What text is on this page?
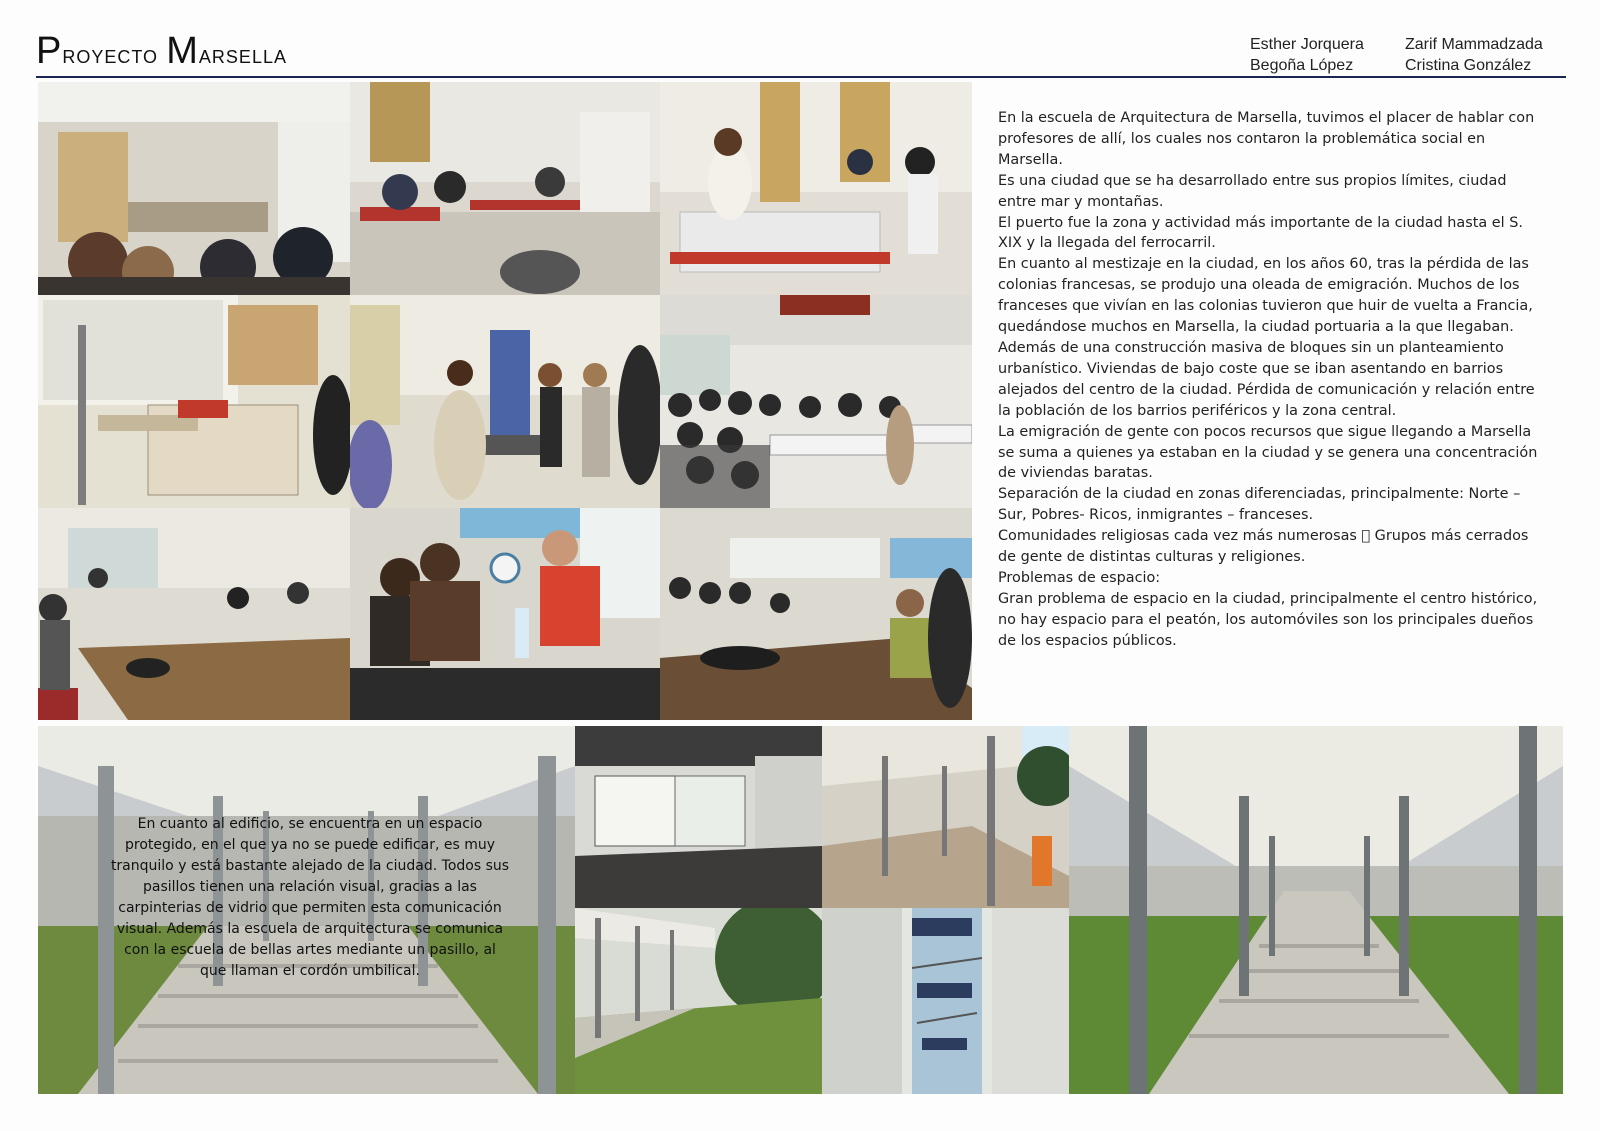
Proyecto Marsella	Esther Jorquera
Begoña López
Zarif Mammadzada
Cristina González

En la escuela de Arquitectura de Marsella, tuvimos el placer de hablar con profesores de allí, los cuales nos contaron la problemática social en Marsella.

Es una ciudad que se ha desarrollado entre sus propios límites, ciudad entre mar y montañas.

El puerto fue la zona y actividad más importante de la ciudad hasta el S. XIX y la llegada del ferrocarril.

En cuanto al mestizaje en la ciudad, en los años 60, tras la pérdida de las colonias francesas, se produjo una oleada de emigración. Muchos de los franceses que vivían en las colonias tuvieron que huir de vuelta a Francia, quedándose muchos en Marsella, la ciudad portuaria a la que llegaban.

Además de una construcción masiva de bloques sin un planteamiento urbanístico. Viviendas de bajo coste que se iban asentando en barrios alejados del centro de la ciudad. Pérdida de comunicación y relación entre la población de los barrios periféricos y la zona central.

La emigración de gente con pocos recursos que sigue llegando a Marsella se suma a quienes ya estaban en la ciudad y se genera una concentración de viviendas baratas.

Separación de la ciudad en zonas diferenciadas, principalmente: Norte – Sur, Pobres- Ricos, inmigrantes – franceses.

Comunidades religiosas cada vez más numerosas   Grupos más cerrados de gente de distintas culturas y religiones.

Problemas de espacio:

Gran problema de espacio en la ciudad, principalmente el centro histórico, no hay espacio para el peatón, los automóviles son los principales dueños de los espacios públicos.

En cuanto al edificio, se encuentra en un espacio protegido, en el que ya no se puede edificar, es muy tranquilo y está bastante alejado de la ciudad. Todos sus pasillos tienen una relación visual, gracias a las carpinterias de vidrio que permiten esta comunicación visual. Además la escuela de arquitectura se comunica con la escuela de bellas artes mediante un pasillo, al que llaman el cordón umbilical.
